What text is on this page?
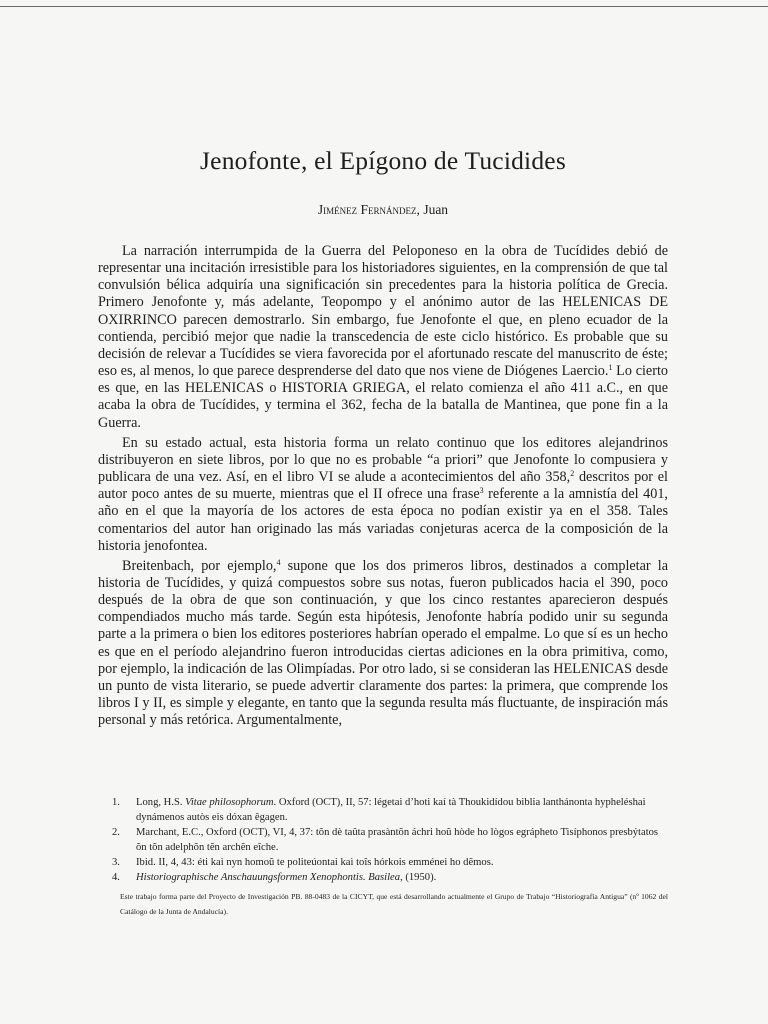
Jenofonte, el Epígono de Tucidides
Jiménez Fernández, Juan

La narración interrumpida de la Guerra del Peloponeso en la obra de Tucídides debió de representar una incitación irresistible para los historiadores siguientes, en la comprensión de que tal convulsión bélica adquiría una significación sin precedentes para la historia política de Grecia. Primero Jenofonte y, más adelante, Teopompo y el anónimo autor de las HELENICAS DE OXIRRINCO parecen demostrarlo. Sin embargo, fue Jenofonte el que, en pleno ecuador de la contienda, percibió mejor que nadie la transcedencia de este ciclo histórico. Es probable que su decisión de relevar a Tucídides se viera favorecida por el afortunado rescate del manuscrito de éste; eso es, al menos, lo que parece desprenderse del dato que nos viene de Diógenes Laercio.$^1$ Lo cierto es que, en las HELENICAS o HISTORIA GRIEGA, el relato comienza el año 411 a.C., en que acaba la obra de Tucídides, y termina el 362, fecha de la batalla de Mantinea, que pone fin a la Guerra.

En su estado actual, esta historia forma un relato continuo que los editores alejandrinos distribuyeron en siete libros, por lo que no es probable “a priori” que Jenofonte lo compusiera y publicara de una vez. Así, en el libro VI se alude a acontecimientos del año 358,$^2$ descritos por el autor poco antes de su muerte, mientras que el II ofrece una frase$^3$ referente a la amnistía del 401, año en el que la mayoría de los actores de esta época no podían existir ya en el 358. Tales comentarios del autor han originado las más variadas conjeturas acerca de la composición de la historia jenofontea.

Breitenbach, por ejemplo,$^4$ supone que los dos primeros libros, destinados a completar la historia de Tucídides, y quizá compuestos sobre sus notas, fueron publicados hacia el 390, poco después de la obra de que son continuación, y que los cinco restantes aparecieron después compendiados mucho más tarde. Según esta hipótesis, Jenofonte habría podido unir su segunda parte a la primera o bien los editores posteriores habrían operado el empalme. Lo que sí es un hecho es que en el período alejandrino fueron introducidas ciertas adiciones en la obra primitiva, como, por ejemplo, la indicación de las Olimpíadas. Por otro lado, si se consideran las HELENICAS desde un punto de vista literario, se puede advertir claramente dos partes: la primera, que comprende los libros I y II, es simple y elegante, en tanto que la segunda resulta más fluctuante, de inspiración más personal y más retórica. Argumentalmente,

1. Long, H.S. Vitae philosophorum. Oxford (OCT), II, 57: légetai d’hoti kaí tà Thoukidídou biblia lanthánonta hypheléshai dynámenos autòs eis dóxan êgagen.
2. Marchant, E.C., Oxford (OCT), VI, 4, 37: tõn dè taûta prasàntõn áchri hoũ hòde ho lògos egrápheto Tisíphonos presbýtatos õn tõn adelphõn tẽn archẽn eîche.
3. Ibid. II, 4, 43: éti kaì nyn homoũ te politeúontai kaì toîs hórkois emménei ho dẽmos.
4. Historiographische Anschauungsformen Xenophontis. Basilea, (1950).
Este trabajo forma parte del Proyecto de Investigación PB. 88-0483 de la CICYT, que está desarrollando actualmente el Grupo de Trabajo “Historiografía Antigua” (nº 1062 del Catálogo de la Junta de Andalucía).
